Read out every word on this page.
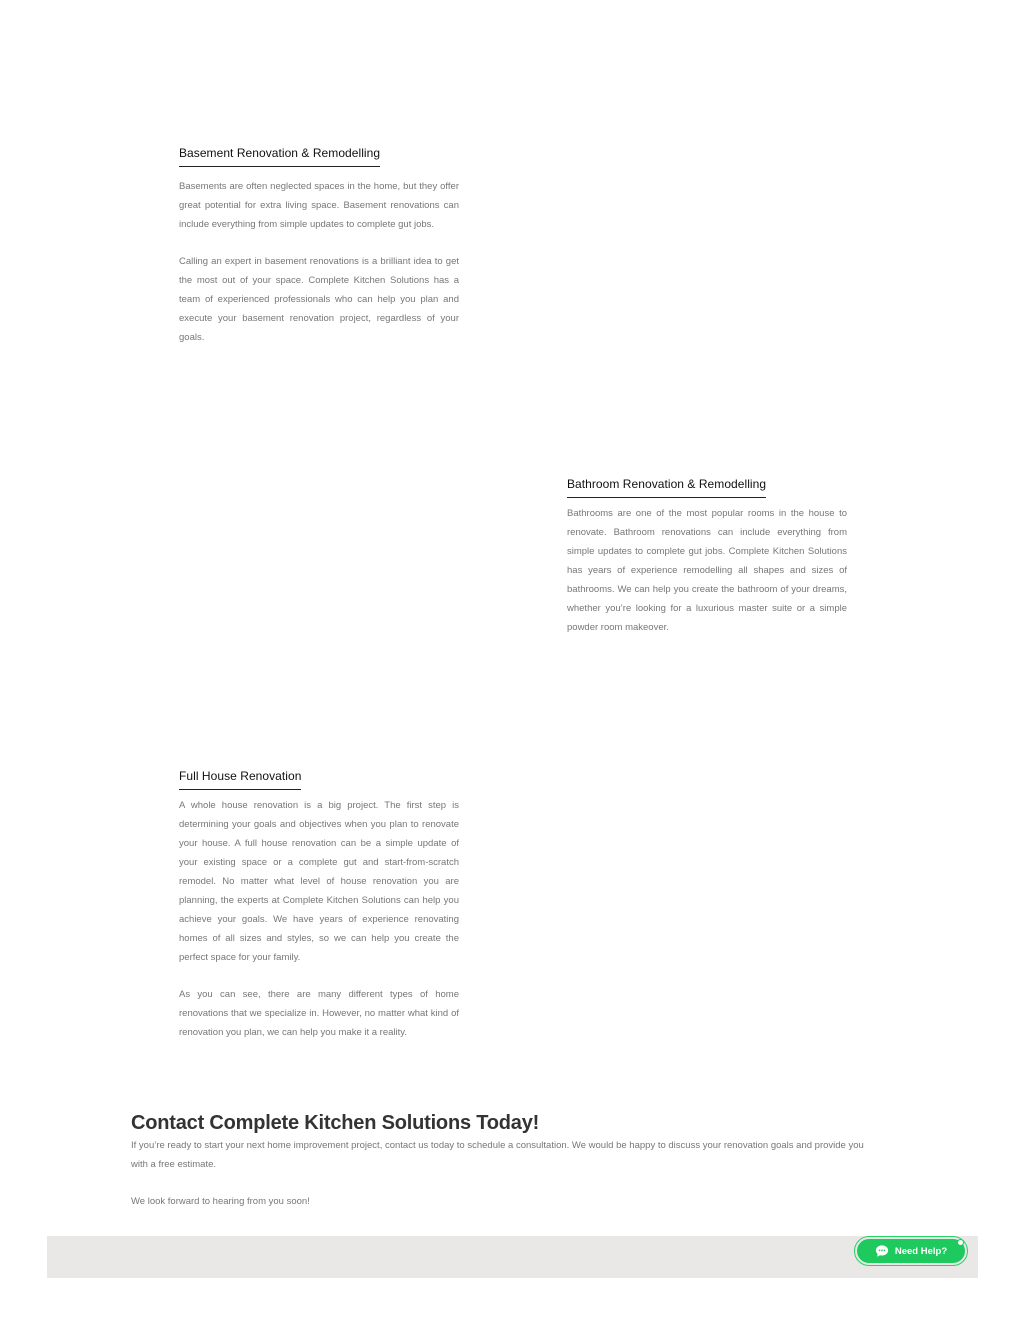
Basement Renovation & Remodelling

Basements are often neglected spaces in the home, but they offer great potential for extra living space. Basement renovations can include everything from simple updates to complete gut jobs.

Calling an expert in basement renovations is a brilliant idea to get the most out of your space. Complete Kitchen Solutions has a team of experienced professionals who can help you plan and execute your basement renovation project, regardless of your goals.

Bathroom Renovation & Remodelling

Bathrooms are one of the most popular rooms in the house to renovate. Bathroom renovations can include everything from simple updates to complete gut jobs. Complete Kitchen Solutions has years of experience remodelling all shapes and sizes of bathrooms. We can help you create the bathroom of your dreams, whether you’re looking for a luxurious master suite or a simple powder room makeover.

Full House Renovation

A whole house renovation is a big project. The first step is determining your goals and objectives when you plan to renovate your house. A full house renovation can be a simple update of your existing space or a complete gut and start-from-scratch remodel. No matter what level of house renovation you are planning, the experts at Complete Kitchen Solutions can help you achieve your goals. We have years of experience renovating homes of all sizes and styles, so we can help you create the perfect space for your family.

As you can see, there are many different types of home renovations that we specialize in. However, no matter what kind of renovation you plan, we can help you make it a reality.

Contact Complete Kitchen Solutions Today!

If you’re ready to start your next home improvement project, contact us today to schedule a consultation. We would be happy to discuss your renovation goals and provide you with a free estimate.

We look forward to hearing from you soon!

Need Help?
